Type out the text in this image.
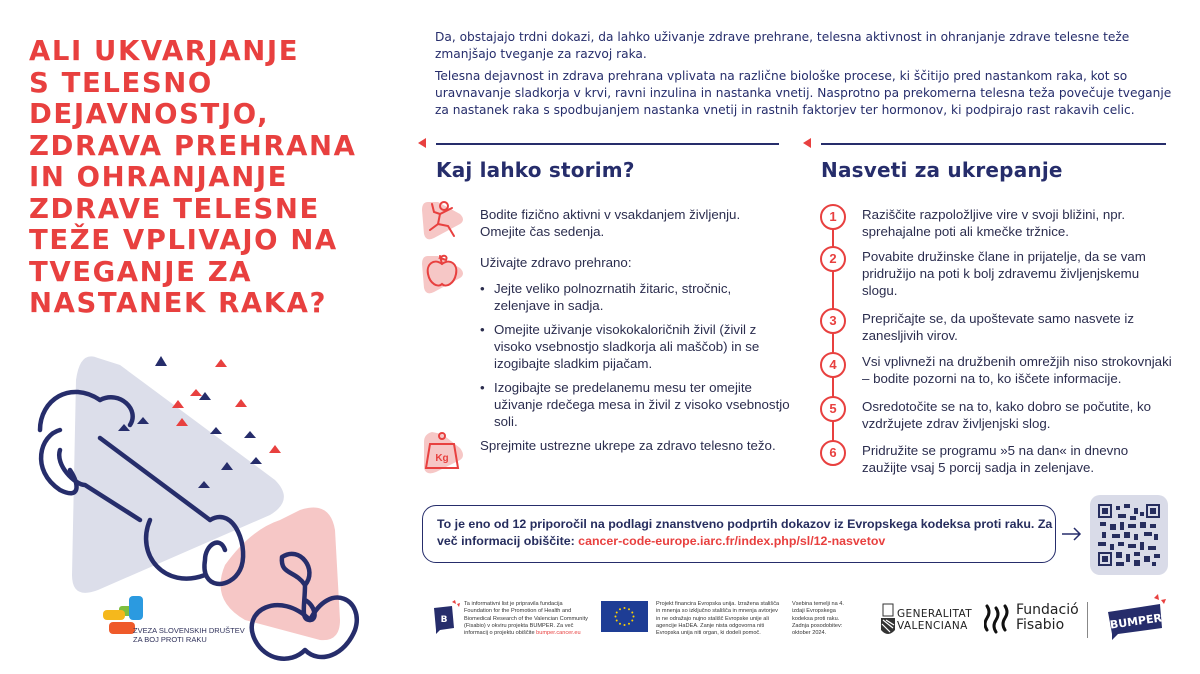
ALI UKVARJANJE
S TELESNO
DEJAVNOSTJO,
ZDRAVA PREHRANA
IN OHRANJANJE
ZDRAVE TELESNE
TEŽE VPLIVAJO NA
TVEGANJE ZA
NASTANEK RAKA?
ZVEZA SLOVENSKIH DRUŠTEV
ZA BOJ PROTI RAKU

Da, obstajajo trdni dokazi, da lahko uživanje zdrave prehrane, telesna aktivnost in ohranjanje zdrave telesne teže zmanjšajo tveganje za razvoj raka.

Telesna dejavnost in zdrava prehrana vplivata na različne biološke procese, ki ščitijo pred nastankom raka, kot so uravnavanje sladkorja v krvi, ravni inzulina in nastanka vnetij. Nasprotno pa prekomerna telesna teža povečuje tveganje za nastanek raka s spodbujanjem nastanka vnetij in rastnih faktorjev ter hormonov, ki podpirajo rast rakavih celic.

Kaj lahko storim?
Bodite fizično aktivni v vsakdanjem življenju. Omejite čas sedenja.
Uživajte zdravo prehrano:
• Jejte veliko polnozrnatih žitaric, stročnic, zelenjave in sadja.
• Omejite uživanje visokokaloričnih živil (živil z visoko vsebnostjo sladkorja ali maščob) in se izogibajte sladkim pijačam.
• Izogibajte se predelanemu mesu ter omejite uživanje rdečega mesa in živil z visoko vsebnostjo soli.
Kg
Sprejmite ustrezne ukrepe za zdravo telesno težo.
Nasveti za ukrepanje
1	Raziščite razpoložljive vire v svoji bližini, npr. sprehajalne poti ali kmečke tržnice.
2	Povabite družinske člane in prijatelje, da se vam pridružijo na poti k bolj zdravemu življenjskemu slogu.
3	Prepričajte se, da upoštevate samo nasvete iz zanesljivih virov.
4	Vsi vplivneži na družbenih omrežjih niso strokovnjaki – bodite pozorni na to, ko iščete informacije.
5	Osredotočite se na to, kako dobro se počutite, ko vzdržujete zdrav življenjski slog.
6	Pridružite se programu »5 na dan« in dnevno zaužijte vsaj 5 porcij sadja in zelenjave.
To je eno od 12 priporočil na podlagi znanstveno podprtih dokazov iz Evropskega kodeksa proti raku. Za več informacij obiščite: cancer-code-europe.iarc.fr/index.php/sl/12-nasvetov
B
Ta informativni list je pripravila fundacija Foundation for the Promotion of Health and Biomedical Research of the Valencian Community (Fisabio) v okviru projekta BUMPER. Za več informacij o projektu obiščite bumper.cancer.eu
Projekt financira Evropska unija. Izražena stališča in mnenja so izključno stališča in mnenja avtorjev in ne odražajo nujno stališč Evropske unije ali agencije HaDEA. Zanje nista odgovorna niti Evropska unija niti organ, ki dodeli pomoč.
Vsebina temelji na 4. izdaji Evropskega kodeksa proti raku. Zadnja posodobitev: oktober 2024.
GENERALITAT
VALENCIANA
Fundació
Fisabio	BUMPER
